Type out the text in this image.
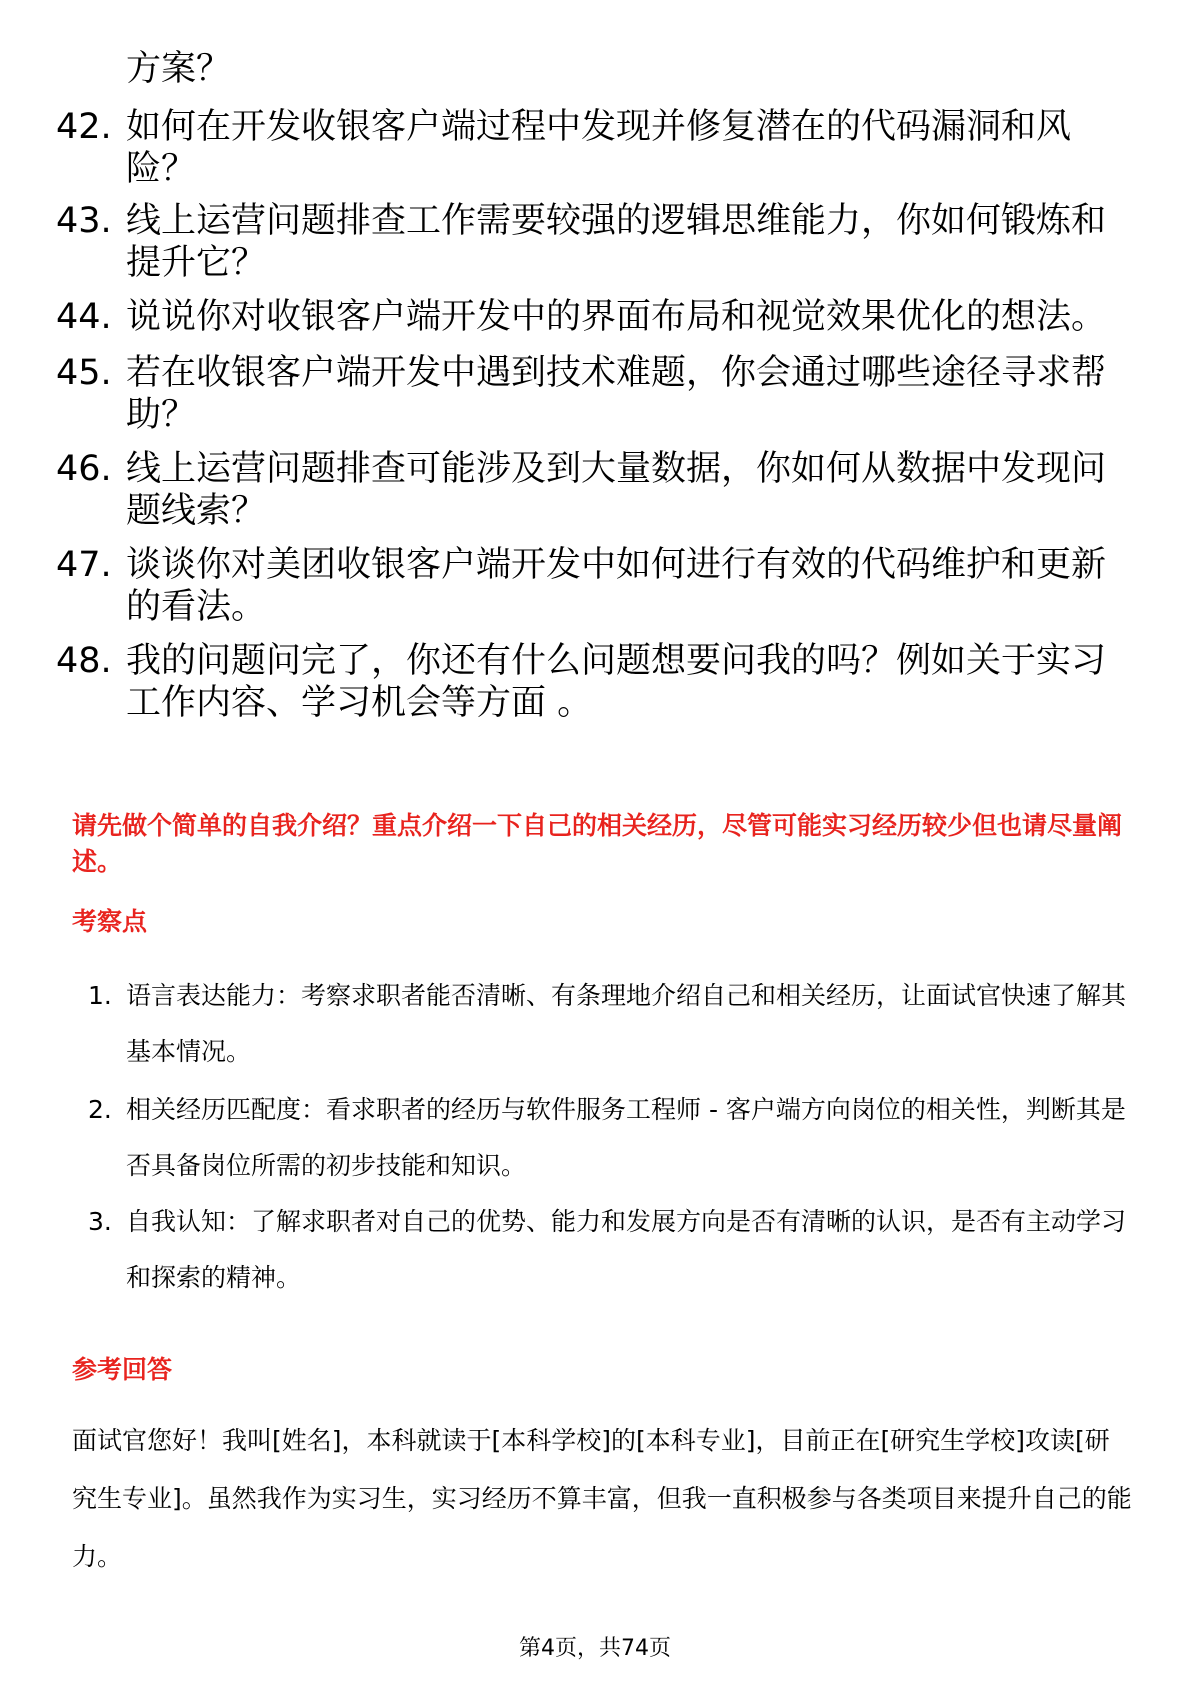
方案？
42. 如何在开发收银客户端过程中发现并修复潜在的代码漏洞和风险？
43. 线上运营问题排查工作需要较强的逻辑思维能力，你如何锻炼和提升它？
44. 说说你对收银客户端开发中的界面布局和视觉效果优化的想法。
45. 若在收银客户端开发中遇到技术难题，你会通过哪些途径寻求帮助？
46. 线上运营问题排查可能涉及到大量数据，你如何从数据中发现问题线索？
47. 谈谈你对美团收银客户端开发中如何进行有效的代码维护和更新的看法。
48. 我的问题问完了，你还有什么问题想要问我的吗？例如关于实习工作内容、学习机会等方面 。
请先做个简单的自我介绍？重点介绍一下自己的相关经历，尽管可能实习经历较少但也请尽量阐述。
考察点
1. 语言表达能力：考察求职者能否清晰、有条理地介绍自己和相关经历，让面试官快速了解其基本情况。
2. 相关经历匹配度：看求职者的经历与软件服务工程师 - 客户端方向岗位的相关性，判断其是否具备岗位所需的初步技能和知识。
3. 自我认知：了解求职者对自己的优势、能力和发展方向是否有清晰的认识，是否有主动学习和探索的精神。
参考回答
面试官您好！我叫[姓名]，本科就读于[本科学校]的[本科专业]，目前正在[研究生学校]攻读[研究生专业]。虽然我作为实习生，实习经历不算丰富，但我一直积极参与各类项目来提升自己的能力。
第4页，共74页
